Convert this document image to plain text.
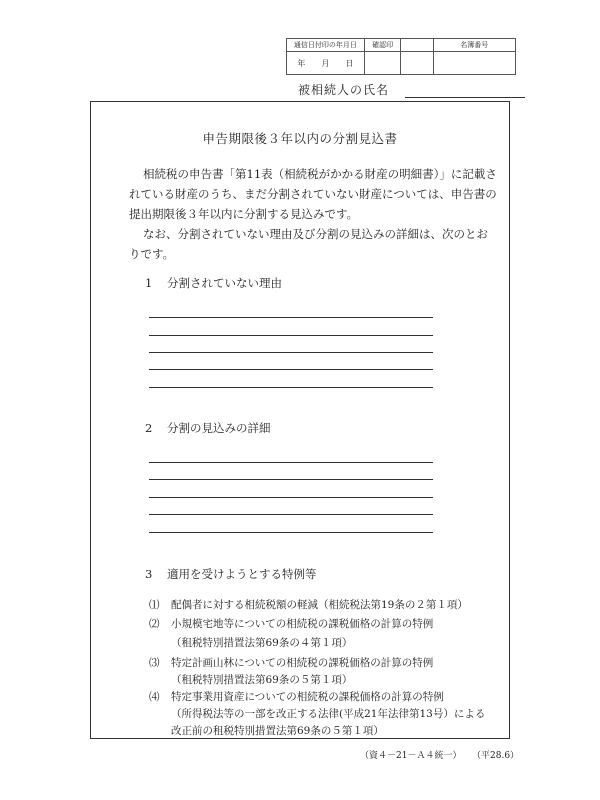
通信日付印の年月日	確認印		名簿番号
年　　月　　日			
被相続人の氏名
申告期限後３年以内の分割見込書

相続税の申告書「第11表（相続税がかかる財産の明細書）」に記載されている財産のうち、まだ分割されていない財産については、申告書の提出期限後３年以内に分割する見込みです。

なお、分割されていない理由及び分割の見込みの詳細は、次のとおりです。

1 分割されていない理由
2 分割の見込みの詳細
3 適用を受けようとする特例等
⑴ 配偶者に対する相続税額の軽減（相続税法第19条の２第１項）
⑵ 小規模宅地等についての相続税の課税価格の計算の特例
（租税特別措置法第69条の４第１項）
⑶ 特定計画山林についての相続税の課税価格の計算の特例
（租税特別措置法第69条の５第１項）
⑷ 特定事業用資産についての相続税の課税価格の計算の特例
（所得税法等の一部を改正する法律(平成21年法律第13号）による
改正前の租税特別措置法第69条の５第１項）
（資４－21－Ａ４統一） （平28.6）
